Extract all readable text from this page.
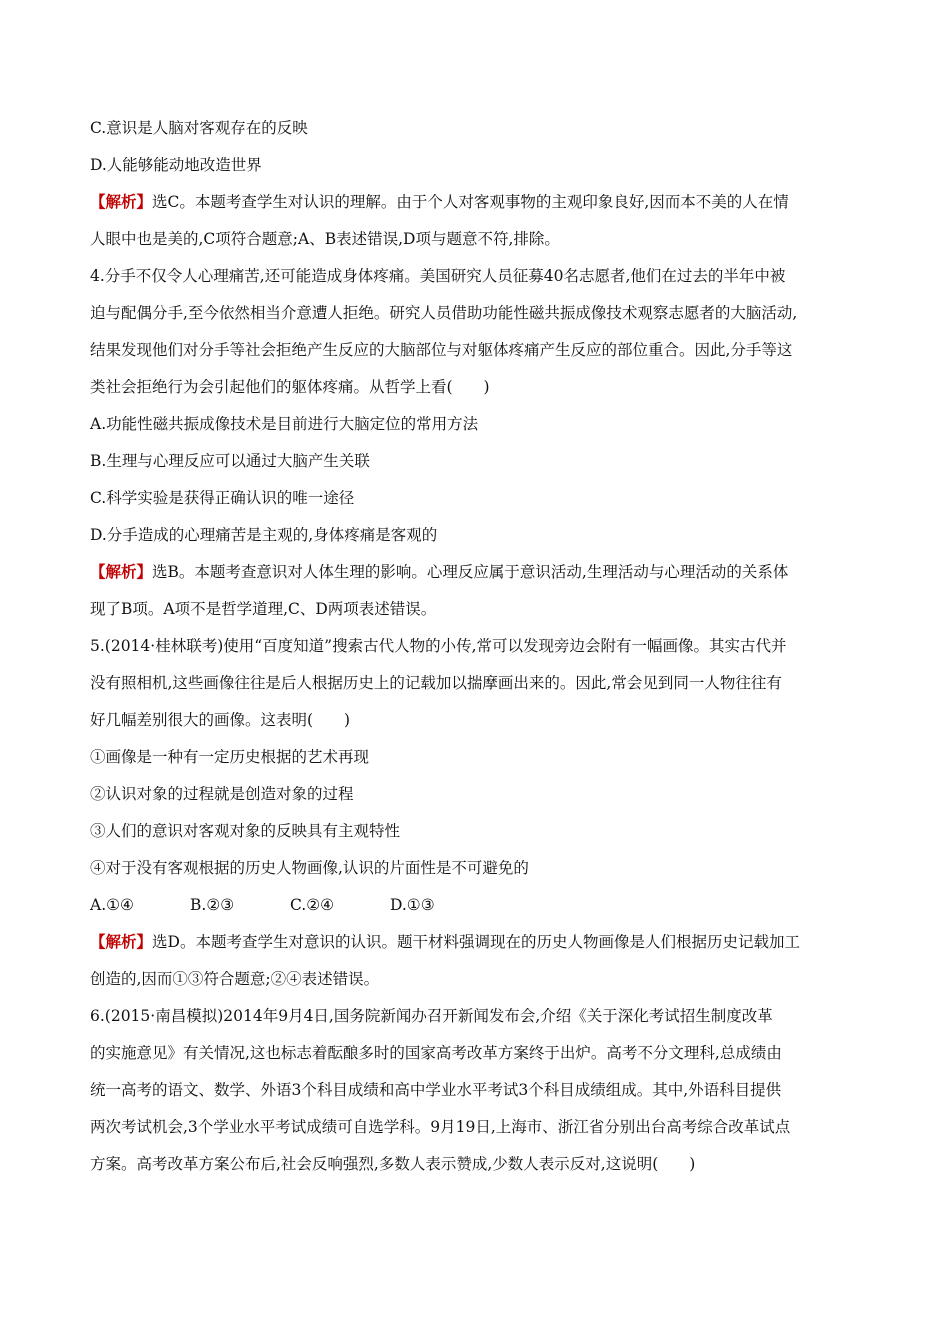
C.意识是人脑对客观存在的反映

D.人能够能动地改造世界

【解析】选C。本题考查学生对认识的理解。由于个人对客观事物的主观印象良好,因而本不美的人在情

人眼中也是美的,C项符合题意;A、B表述错误,D项与题意不符,排除。

4.分手不仅令人心理痛苦,还可能造成身体疼痛。美国研究人员征募40名志愿者,他们在过去的半年中被

迫与配偶分手,至今依然相当介意遭人拒绝。研究人员借助功能性磁共振成像技术观察志愿者的大脑活动,

结果发现他们对分手等社会拒绝产生反应的大脑部位与对躯体疼痛产生反应的部位重合。因此,分手等这

类社会拒绝行为会引起他们的躯体疼痛。从哲学上看(　　)

A.功能性磁共振成像技术是目前进行大脑定位的常用方法

B.生理与心理反应可以通过大脑产生关联

C.科学实验是获得正确认识的唯一途径

D.分手造成的心理痛苦是主观的,身体疼痛是客观的

【解析】选B。本题考查意识对人体生理的影响。心理反应属于意识活动,生理活动与心理活动的关系体

现了B项。A项不是哲学道理,C、D两项表述错误。

5.(2014·桂林联考)使用“百度知道”搜索古代人物的小传,常可以发现旁边会附有一幅画像。其实古代并

没有照相机,这些画像往往是后人根据历史上的记载加以揣摩画出来的。因此,常会见到同一人物往往有

好几幅差别很大的画像。这表明(　　)

①画像是一种有一定历史根据的艺术再现

②认识对象的过程就是创造对象的过程

③人们的意识对客观对象的反映具有主观特性

④对于没有客观根据的历史人物画像,认识的片面性是不可避免的

A.①④	B.②③	C.②④	D.①③

【解析】选D。本题考查学生对意识的认识。题干材料强调现在的历史人物画像是人们根据历史记载加工

创造的,因而①③符合题意;②④表述错误。

6.(2015·南昌模拟)2014年9月4日,国务院新闻办召开新闻发布会,介绍《关于深化考试招生制度改革

的实施意见》有关情况,这也标志着酝酿多时的国家高考改革方案终于出炉。高考不分文理科,总成绩由

统一高考的语文、数学、外语3个科目成绩和高中学业水平考试3个科目成绩组成。其中,外语科目提供

两次考试机会,3个学业水平考试成绩可自选学科。9月19日,上海市、浙江省分别出台高考综合改革试点

方案。高考改革方案公布后,社会反响强烈,多数人表示赞成,少数人表示反对,这说明(　　)
